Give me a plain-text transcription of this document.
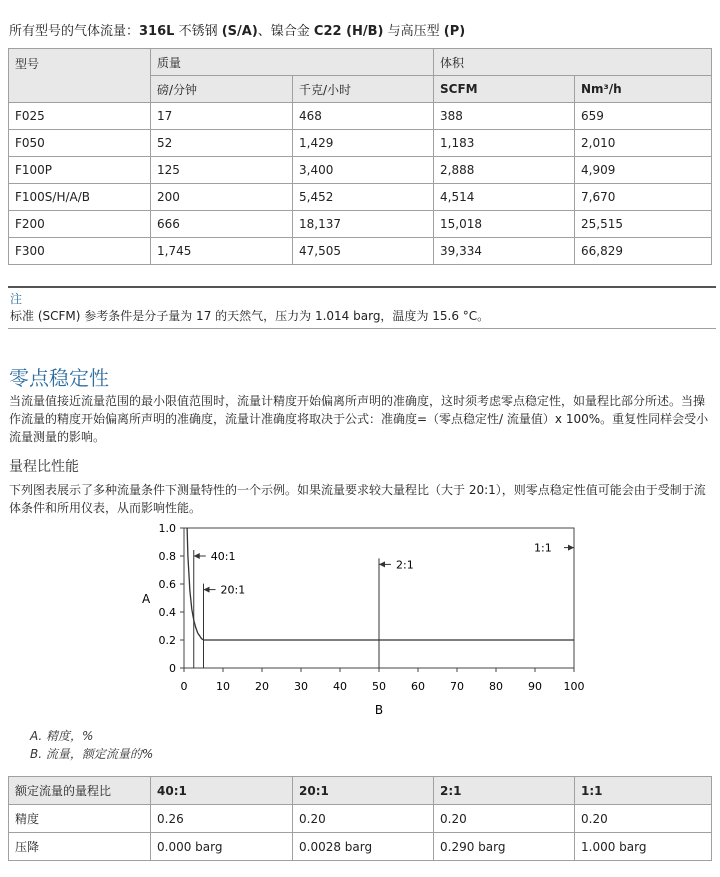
所有型号的气体流量：316L 不锈钢 (S/A)、镍合金 C22 (H/B) 与高压型 (P)
型号	质量		体积	
	磅/分钟	千克/小时	SCFM	Nm³/h
F025	17	468	388	659
F050	52	1,429	1,183	2,010
F100P	125	3,400	2,888	4,909
F100S/H/A/B	200	5,452	4,514	7,670
F200	666	18,137	15,018	25,515
F300	1,745	47,505	39,334	66,829
注
标准 (SCFM) 参考条件是分子量为 17 的天然气，压力为 1.014 barg，温度为 15.6 °C。
零点稳定性
当流量值接近流量范围的最小限值范围时，流量计精度开始偏离所声明的准确度，这时须考虑零点稳定性，如量程比部分所述。当操作流量的精度开始偏离所声明的准确度，流量计准确度将取决于公式：准确度=（零点稳定性/ 流量值）x 100%。重复性同样会受小流量测量的影响。
量程比性能
下列图表展示了多种流量条件下测量特性的一个示例。如果流量要求较大量程比（大于 20:1），则零点稳定性值可能会由于受制于流体条件和所用仪表，从而影响性能。
0
0.2
0.4
0.6
0.8
1.0
0	10 20 30 40 50 60 70 80 90 100
A
B
40:1
20:1
2:1
1:1
A. 精度，%
B. 流量，额定流量的%
额定流量的量程比	40:1	20:1	2:1	1:1
精度	0.26	0.20	0.20	0.20
压降	0.000 barg	0.0028 barg	0.290 barg	1.000 barg
